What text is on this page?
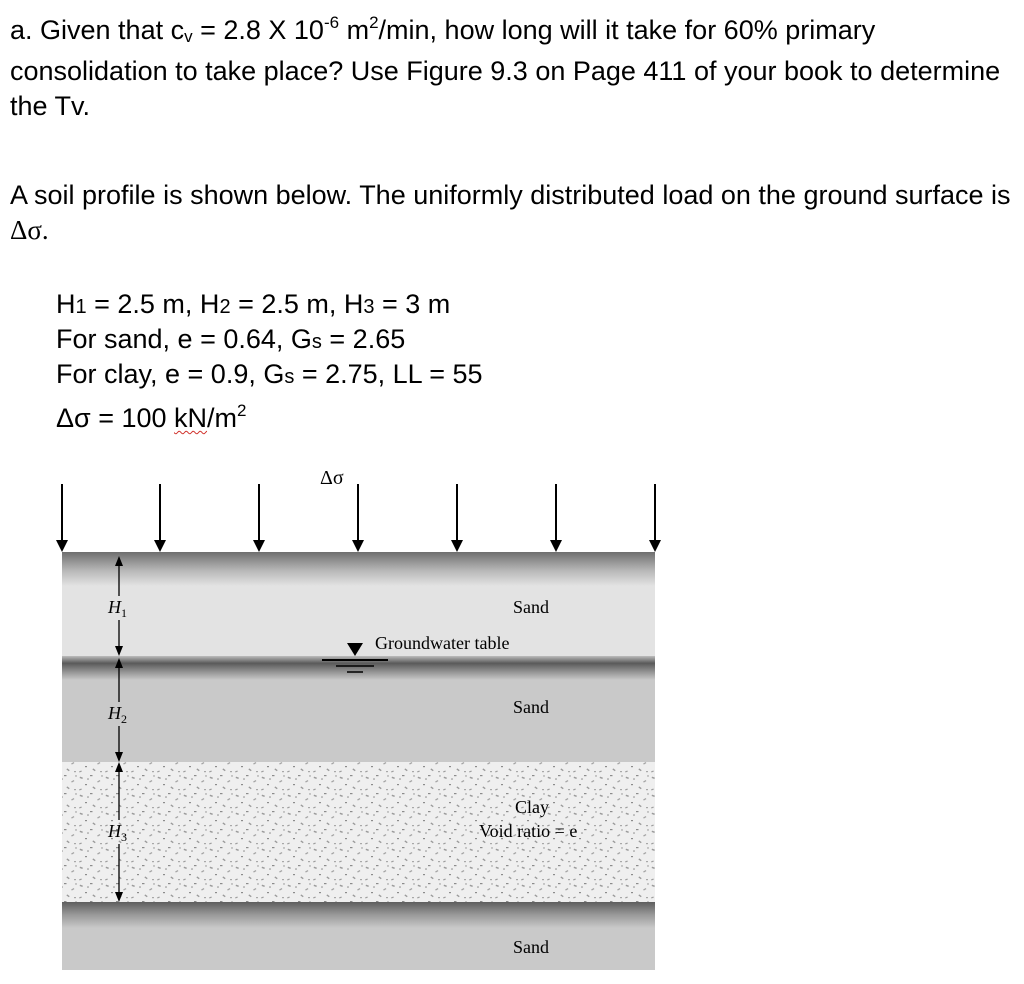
a. Given that $c_v = 2.8$ X $10^{-6}$ $m^2/\min$, how long will it take for 60% primary consolidation to take place? Use Figure 9.3 on Page 411 of your book to determine the Tv.

A soil profile is shown below. The uniformly distributed load on the ground surface is Δσ.

H1 = 2.5 m, H2 = 2.5 m, H3 = 3 m
For sand, e = 0.64, Gs = 2.65
For clay, e = 0.9, Gs = 2.75, LL = 55
Δσ = 100 $kN/m^2$
Δσ
Sand
Groundwater table
Sand
Clay
Void ratio = e
Sand
$H_1$
$H_2$
$H_3$
